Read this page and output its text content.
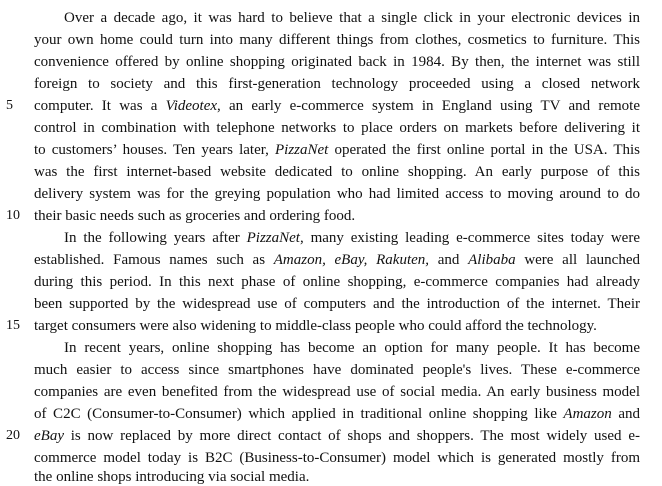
Over a decade ago, it was hard to believe that a single click in your electronic devices in
your own home could turn into many different things from clothes, cosmetics to furniture. This
convenience offered by online shopping originated back in 1984. By then, the internet was still
foreign to society and this first-generation technology proceeded using a closed network
computer. It was a Videotex, an early e-commerce system in England using TV and remote
control in combination with telephone networks to place orders on markets before delivering it
to customers’ houses. Ten years later, PizzaNet operated the first online portal in the USA. This
was the first internet-based website dedicated to online shopping. An early purpose of this
delivery system was for the greying population who had limited access to moving around to do
their basic needs such as groceries and ordering food.
In the following years after PizzaNet, many existing leading e-commerce sites today were
established. Famous names such as Amazon, eBay, Rakuten, and Alibaba were all launched
during this period. In this next phase of online shopping, e-commerce companies had already
been supported by the widespread use of computers and the introduction of the internet. Their
target consumers were also widening to middle-class people who could afford the technology.
In recent years, online shopping has become an option for many people. It has become
much easier to access since smartphones have dominated people's lives. These e-commerce
companies are even benefited from the widespread use of social media. An early business model
of C2C (Consumer-to-Consumer) which applied in traditional online shopping like Amazon and
eBay is now replaced by more direct contact of shops and shoppers. The most widely used e-
commerce model today is B2C (Business-to-Consumer) model which is generated mostly from
the online shops introducing via social media.
5
10
15
20
